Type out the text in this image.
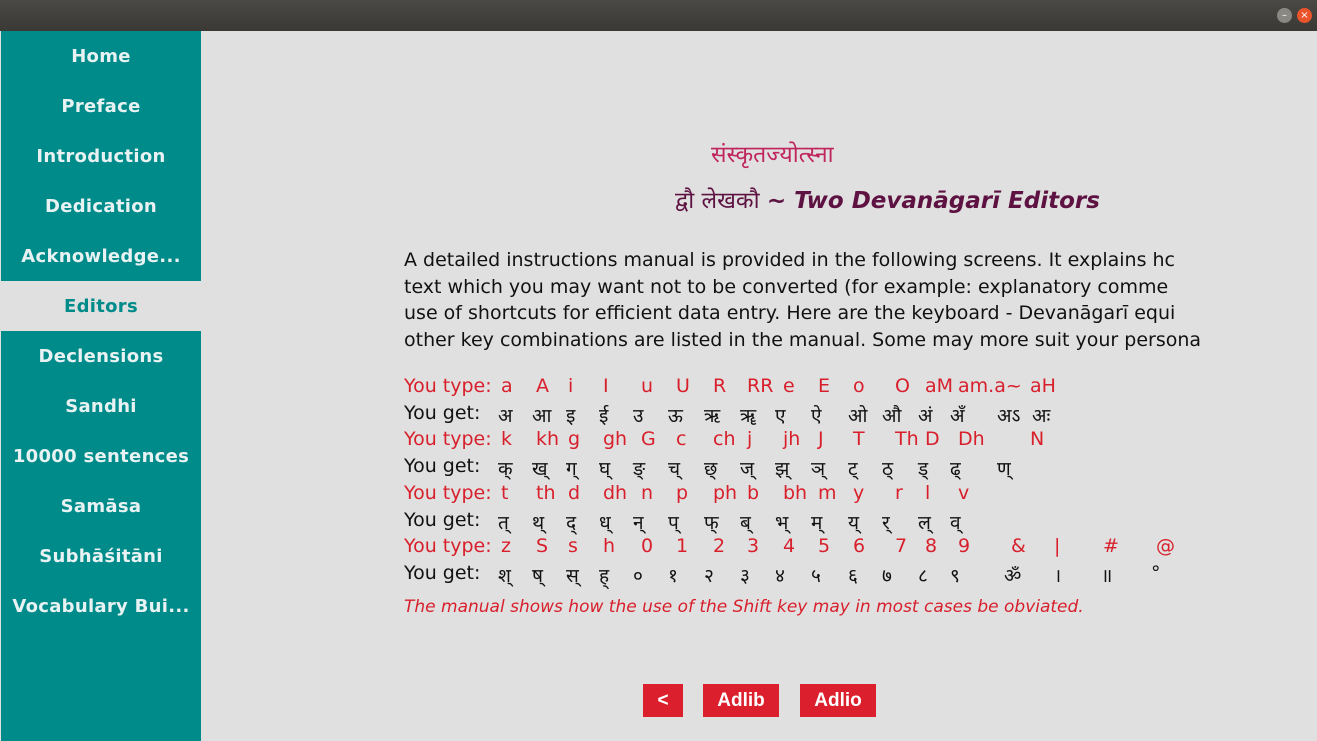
–	×
Home
Preface
Introduction
Dedication
Acknowledge...
Editors
Declensions
Sandhi
10000 sentences
Samāsa
Subhāśitāni
Vocabulary Bui...
संस्कृतज्योत्स्ना
द्वौ लेखकौ ~ Two Devanāgarī Editors
A detailed instructions manual is provided in the following screens. It explains hc
text which you may want not to be converted (for example: explanatory comme
use of shortcuts for efficient data entry. Here are the keyboard - Devanāgarī equi
other key combinations are listed in the manual. Some may more suit your persona
You type: a A i I u U R RR e E o O aM am.a~ aH
You get: अ आ इ ई उ ऊ ऋ ॠ ए ऐ ओ औ अं अँ अऽ अः
You type: k kh g gh G c ch j jh J T Th D Dh N
You get: क् ख् ग् घ् ङ् च् छ् ज् झ् ञ् ट् ठ् ड् ढ् ण्
You type: t th d dh n p ph b bh m y r l v
You get: त् थ् द् ध् न् प् फ् ब् भ् म् य् र् ल् व्
You type: z S s h 0 1 2 3 4 5 6 7 8 9 & | # @
You get: श् ष् स् ह् ० १ २ ३ ४ ५ ६ ७ ८ ९ ॐ । ॥ °
The manual shows how the use of the Shift key may in most cases be obviated.
<	Adlib	Adlio
